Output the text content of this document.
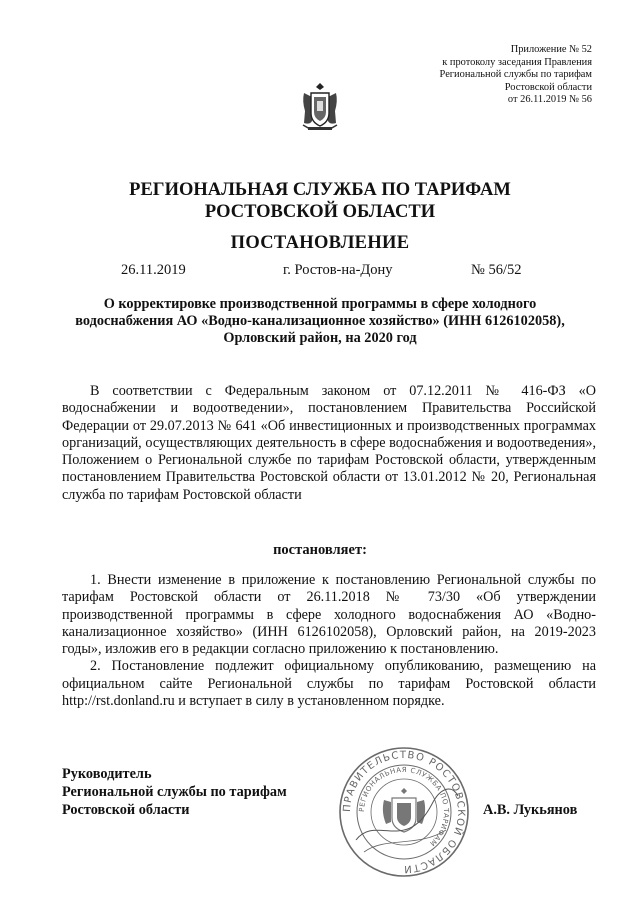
Приложение № 52
к протоколу заседания Правления
Региональной службы по тарифам
Ростовской области
от 26.11.2019 № 56
РЕГИОНАЛЬНАЯ СЛУЖБА ПО ТАРИФАМ
РОСТОВСКОЙ ОБЛАСТИ
ПОСТАНОВЛЕНИЕ
26.11.2019	г. Ростов-на-Дону	№ 56/52
О корректировке производственной программы в сфере холодного
водоснабжения АО «Водно-канализационное хозяйство» (ИНН 6126102058),
Орловский район, на 2020 год

В соответствии с Федеральным законом от 07.12.2011 № 416-ФЗ «О водоснабжении и водоотведении», постановлением Правительства Российской Федерации от 29.07.2013 № 641 «Об инвестиционных и производственных программах организаций, осуществляющих деятельность в сфере водоснабжения и водоотведения», Положением о Региональной службе по тарифам Ростовской области, утвержденным постановлением Правительства Ростовской области от 13.01.2012 № 20, Региональная служба по тарифам Ростовской области

постановляет:

1. Внести изменение в приложение к постановлению Региональной службы по тарифам Ростовской области от 26.11.2018 № 73/30 «Об утверждении производственной программы в сфере холодного водоснабжения АО «Водно-канализационное хозяйство» (ИНН 6126102058), Орловский район, на 2019-2023 годы», изложив его в редакции согласно приложению к постановлению.

2. Постановление подлежит официальному опубликованию, размещению на официальном сайте Региональной службы по тарифам Ростовской области http://rst.donland.ru и вступает в силу в установленном порядке.

Руководитель
Региональной службы по тарифам
Ростовской области	ПРАВИТЕЛЬСТВО РОСТОВСКОЙ ОБЛАСТИ
РЕГИОНАЛЬНАЯ СЛУЖБА ПО ТАРИФАМ
А.В. Лукьянов
